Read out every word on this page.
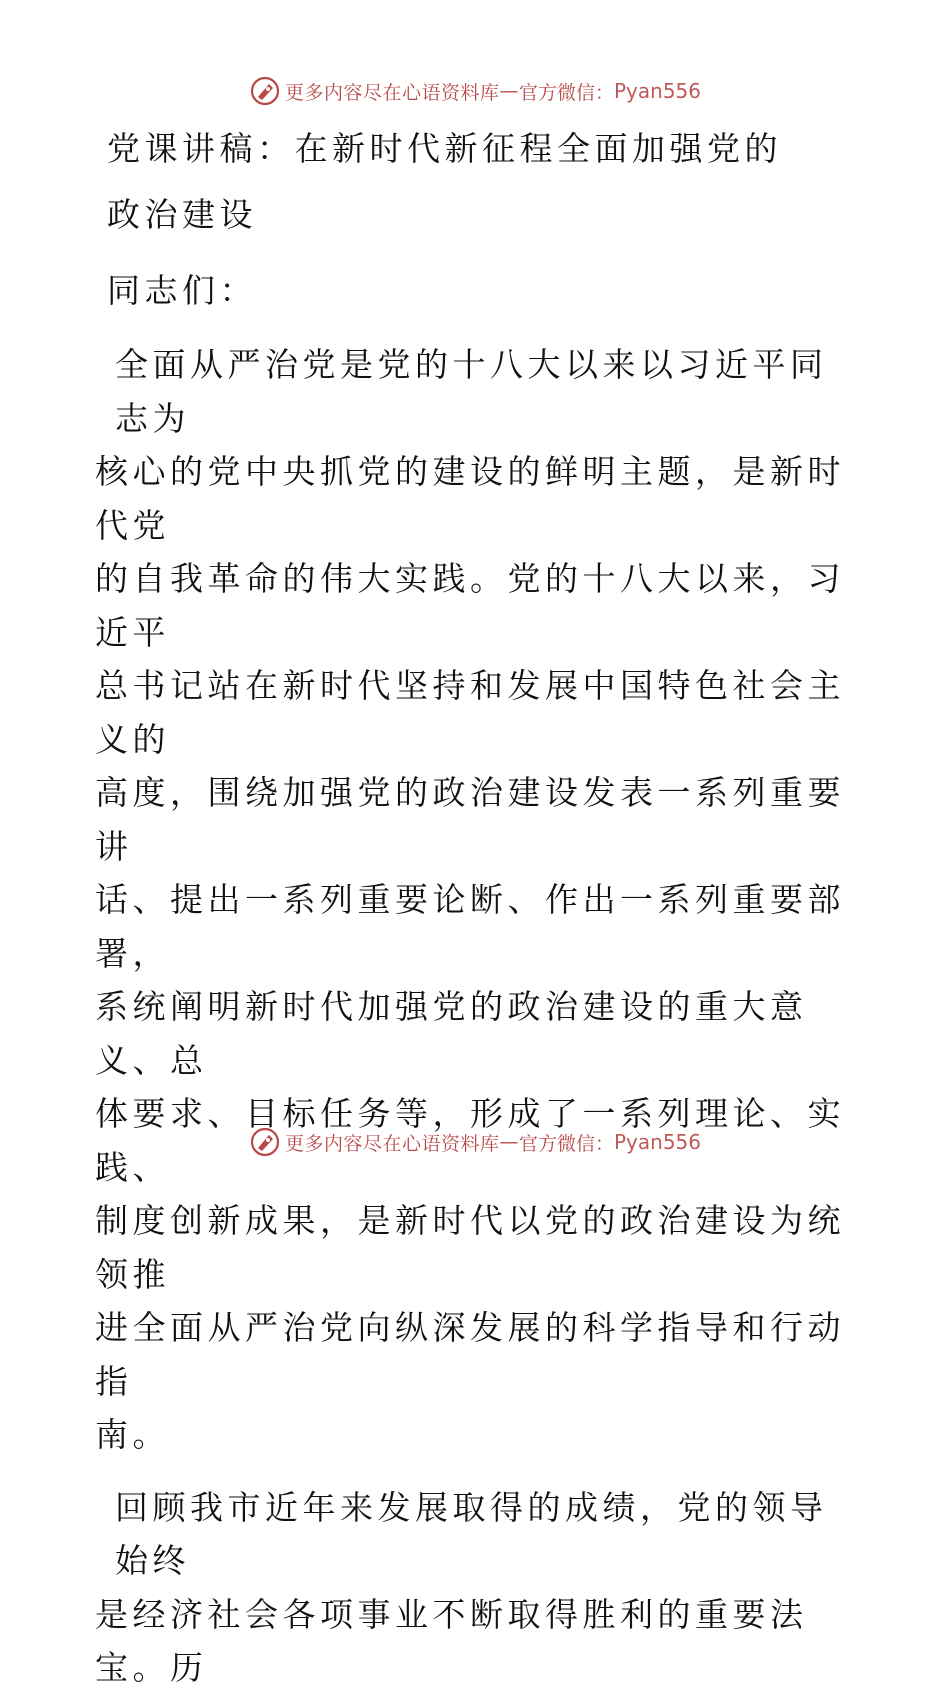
更多内容尽在心语资料库 — 官方微信： Pyan556
党课讲稿：在新时代新征程全面加强党的
政治建设
同志们：

全面从严治党是党的十八大以来以习近平同志为

核心的党中央抓党的建设的鲜明主题，是新时代党

的自我革命的伟大实践。党的十八大以来，习近平

总书记站在新时代坚持和发展中国特色社会主义的

高度，围绕加强党的政治建设发表一系列重要讲

话、提出一系列重要论断、作出一系列重要部署，

系统阐明新时代加强党的政治建设的重大意义、总

体要求、目标任务等，形成了一系列理论、实践、

制度创新成果，是新时代以党的政治建设为统领推

进全面从严治党向纵深发展的科学指导和行动指

南。

回顾我市近年来发展取得的成绩，党的领导始终

是经济社会各项事业不断取得胜利的重要法宝。历

更多内容尽在心语资料库 — 官方微信： Pyan556
